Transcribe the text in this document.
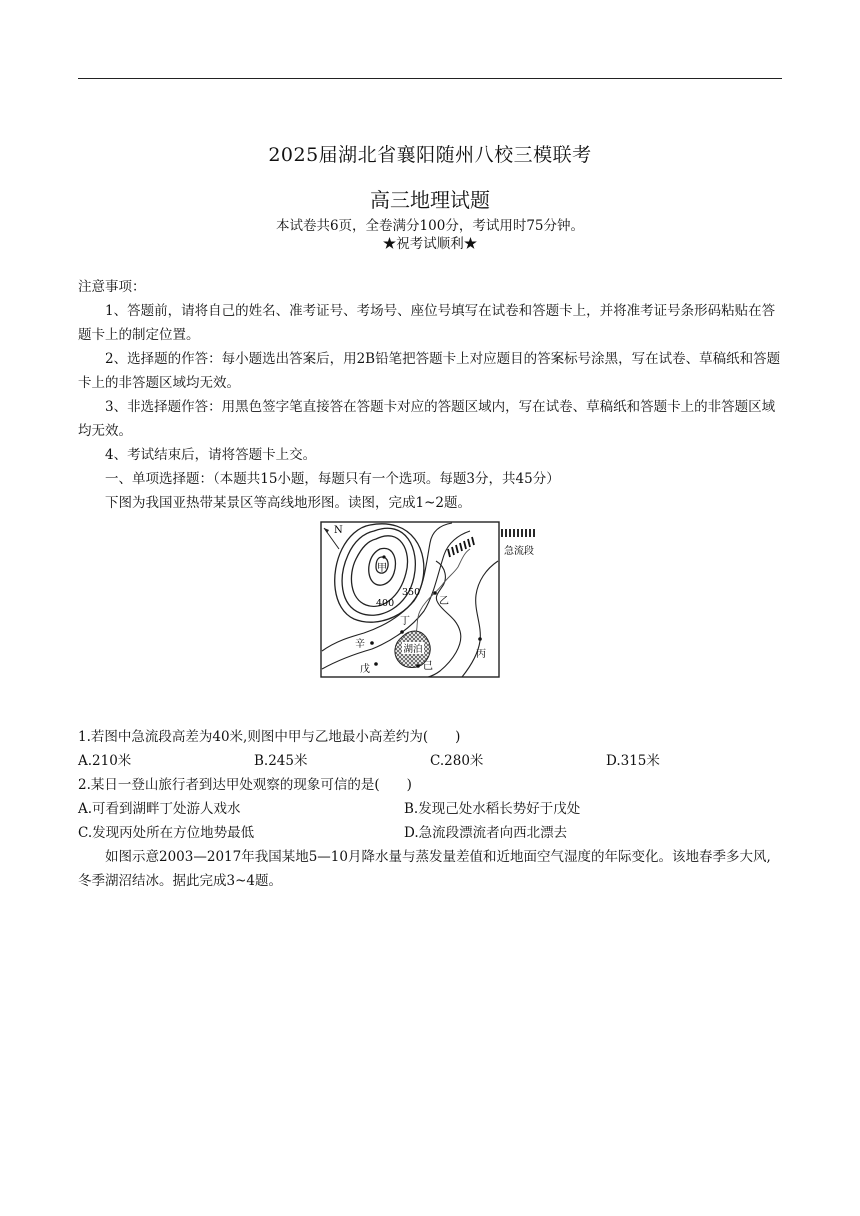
2025届湖北省襄阳随州八校三模联考
高三地理试题
本试卷共6页，全卷满分100分，考试用时75分钟。
★祝考试顺利★

注意事项：

1、答题前，请将自己的姓名、准考证号、考场号、座位号填写在试卷和答题卡上，并将准考证号条形码粘贴在答题卡上的制定位置。

2、选择题的作答：每小题选出答案后，用2B铅笔把答题卡上对应题目的答案标号涂黑，写在试卷、草稿纸和答题卡上的非答题区域均无效。

3、非选择题作答：用黑色签字笔直接答在答题卡对应的答题区域内，写在试卷、草稿纸和答题卡上的非答题区域均无效。

4、考试结束后，请将答题卡上交。

一、单项选择题：（本题共15小题，每题只有一个选项。每题3分，共45分）

下图为我国亚热带某景区等高线地形图。读图，完成1~2题。

N
湖泊
急流段
甲
350
400	乙
丁
辛
戊	己
丙

1.若图中急流段高差为40米,则图中甲与乙地最小高差约为(　　)

A.210米	B.245米	C.280米	D.315米

2.某日一登山旅行者到达甲处观察的现象可信的是(　　)

A.可看到湖畔丁处游人戏水	B.发现己处水稻长势好于戊处
C.发现丙处所在方位地势最低	D.急流段漂流者向西北漂去

如图示意2003—2017年我国某地5—10月降水量与蒸发量差值和近地面空气湿度的年际变化。该地春季多大风,冬季湖沼结冰。据此完成3~4题。
